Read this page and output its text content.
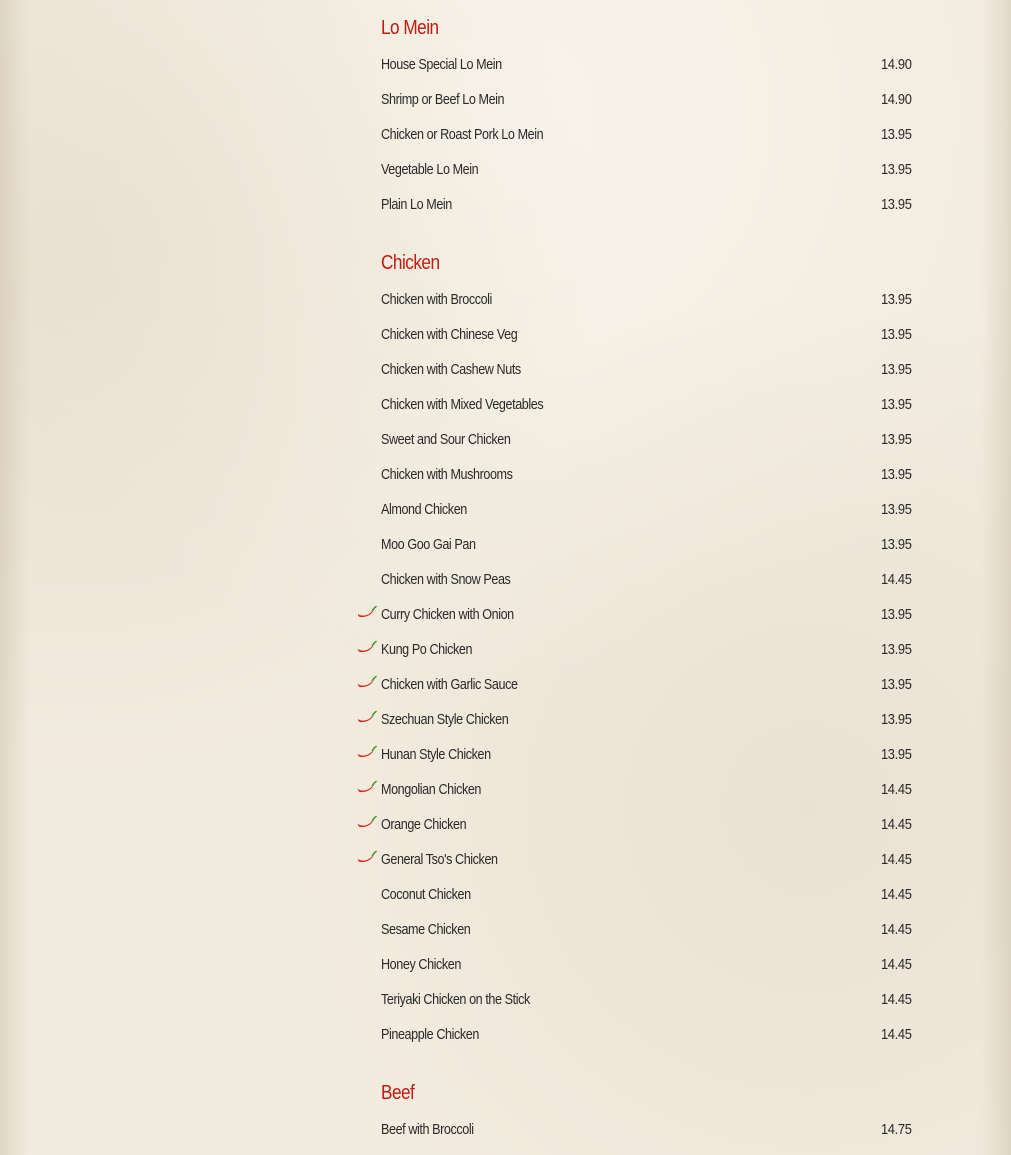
Lo Mein
House Special Lo Mein	14.90
Shrimp or Beef Lo Mein	14.90
Chicken or Roast Pork Lo Mein	13.95
Vegetable Lo Mein	13.95
Plain Lo Mein	13.95
Chicken
Chicken with Broccoli	13.95
Chicken with Chinese Veg	13.95
Chicken with Cashew Nuts	13.95
Chicken with Mixed Vegetables	13.95
Sweet and Sour Chicken	13.95
Chicken with Mushrooms	13.95
Almond Chicken	13.95
Moo Goo Gai Pan	13.95
Chicken with Snow Peas	14.45
Curry Chicken with Onion	13.95
Kung Po Chicken	13.95
Chicken with Garlic Sauce	13.95
Szechuan Style Chicken	13.95
Hunan Style Chicken	13.95
Mongolian Chicken	14.45
Orange Chicken	14.45
General Tso's Chicken	14.45
Coconut Chicken	14.45
Sesame Chicken	14.45
Honey Chicken	14.45
Teriyaki Chicken on the Stick	14.45
Pineapple Chicken	14.45
Beef
Beef with Broccoli	14.75
